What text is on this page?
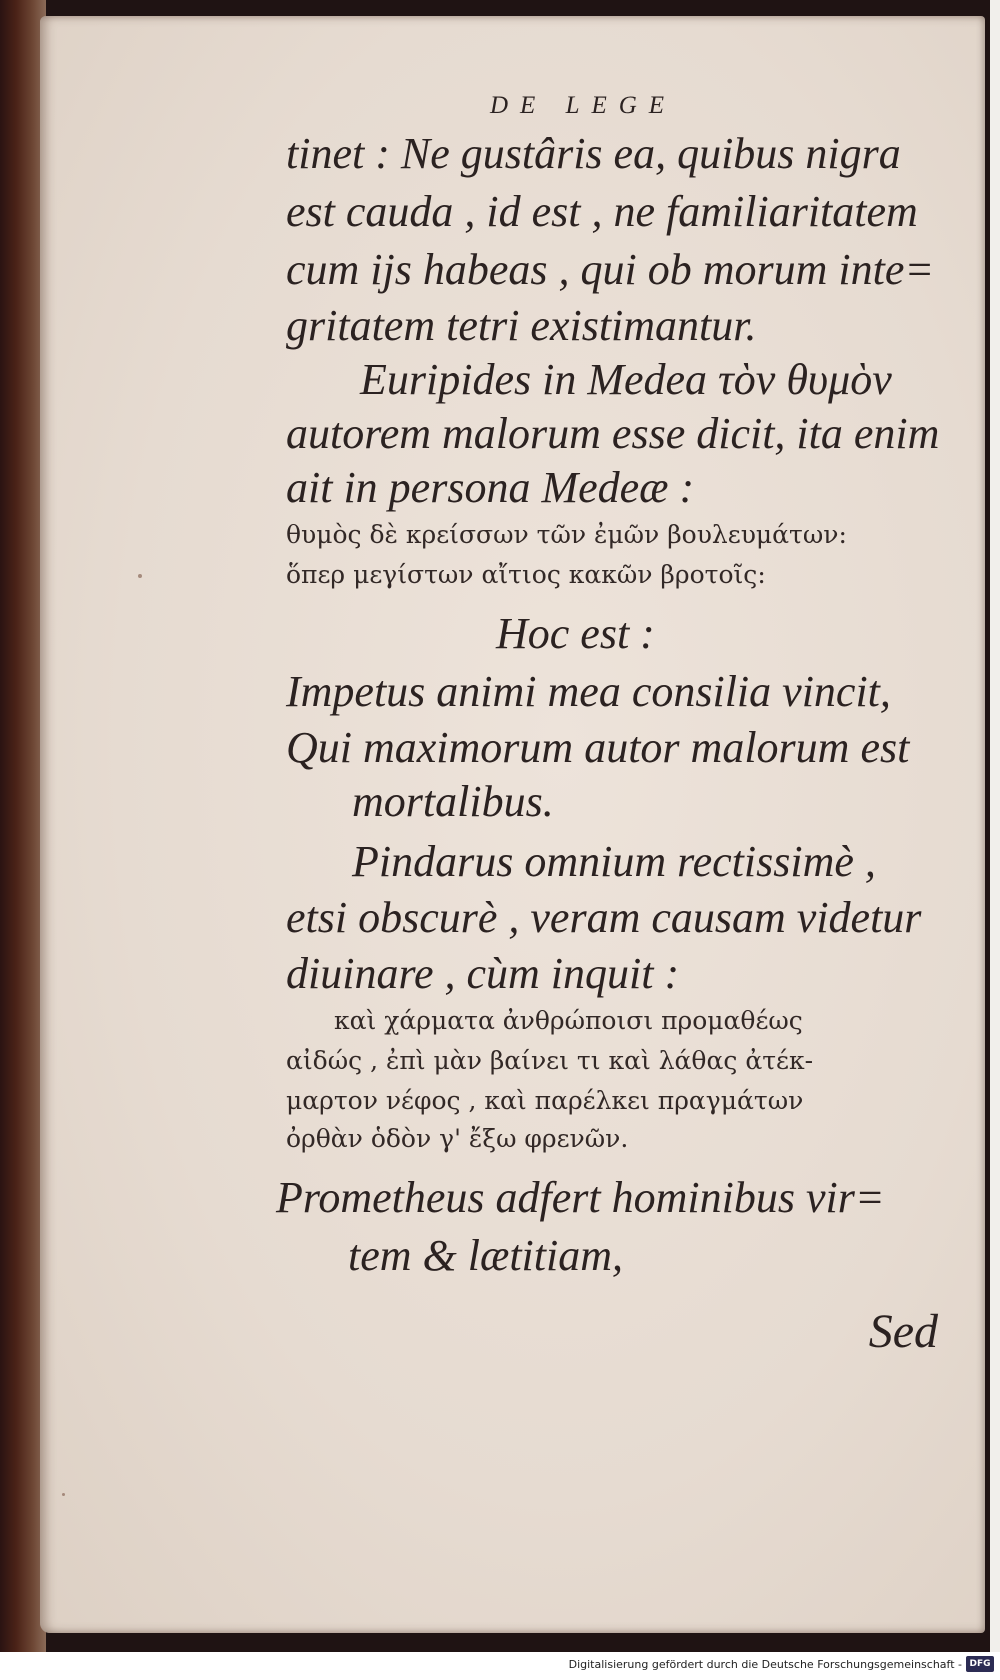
DE LEGE
tinet : Ne gustâris ea, quibus nigra
est cauda , id est , ne familiaritatem
cum ijs habeas , qui ob morum inte=
gritatem tetri existimantur.
Euripides in Medea τὸν θυμὸν
autorem malorum esse dicit, ita enim
ait in persona Medeæ :
θυμὸς δὲ κρείσσων τῶν ἐμῶν βουλευμάτων:
ὅπερ μεγίστων αἴτιος κακῶν βροτοῖς:
Hoc est :
Impetus animi mea consilia vincit,
Qui maximorum autor malorum est
mortalibus.
Pindarus omnium rectissimè ,
etsi obscurè , veram causam videtur
diuinare , cùm inquit :
καὶ χάρματα ἀνθρώποισι προμαθέως
αἰδώς , ἐπὶ μὰν βαίνει τι καὶ λάθας ἀτέκ-
μαρτον νέφος , καὶ παρέλκει πραγμάτων
ὀρθὰν ὁδὸν γ' ἔξω φρενῶν.
Prometheus adfert hominibus vir=
tem & lætitiam,
Sed
Digitalisierung gefördert durch die Deutsche Forschungsgemeinschaft - DFG
